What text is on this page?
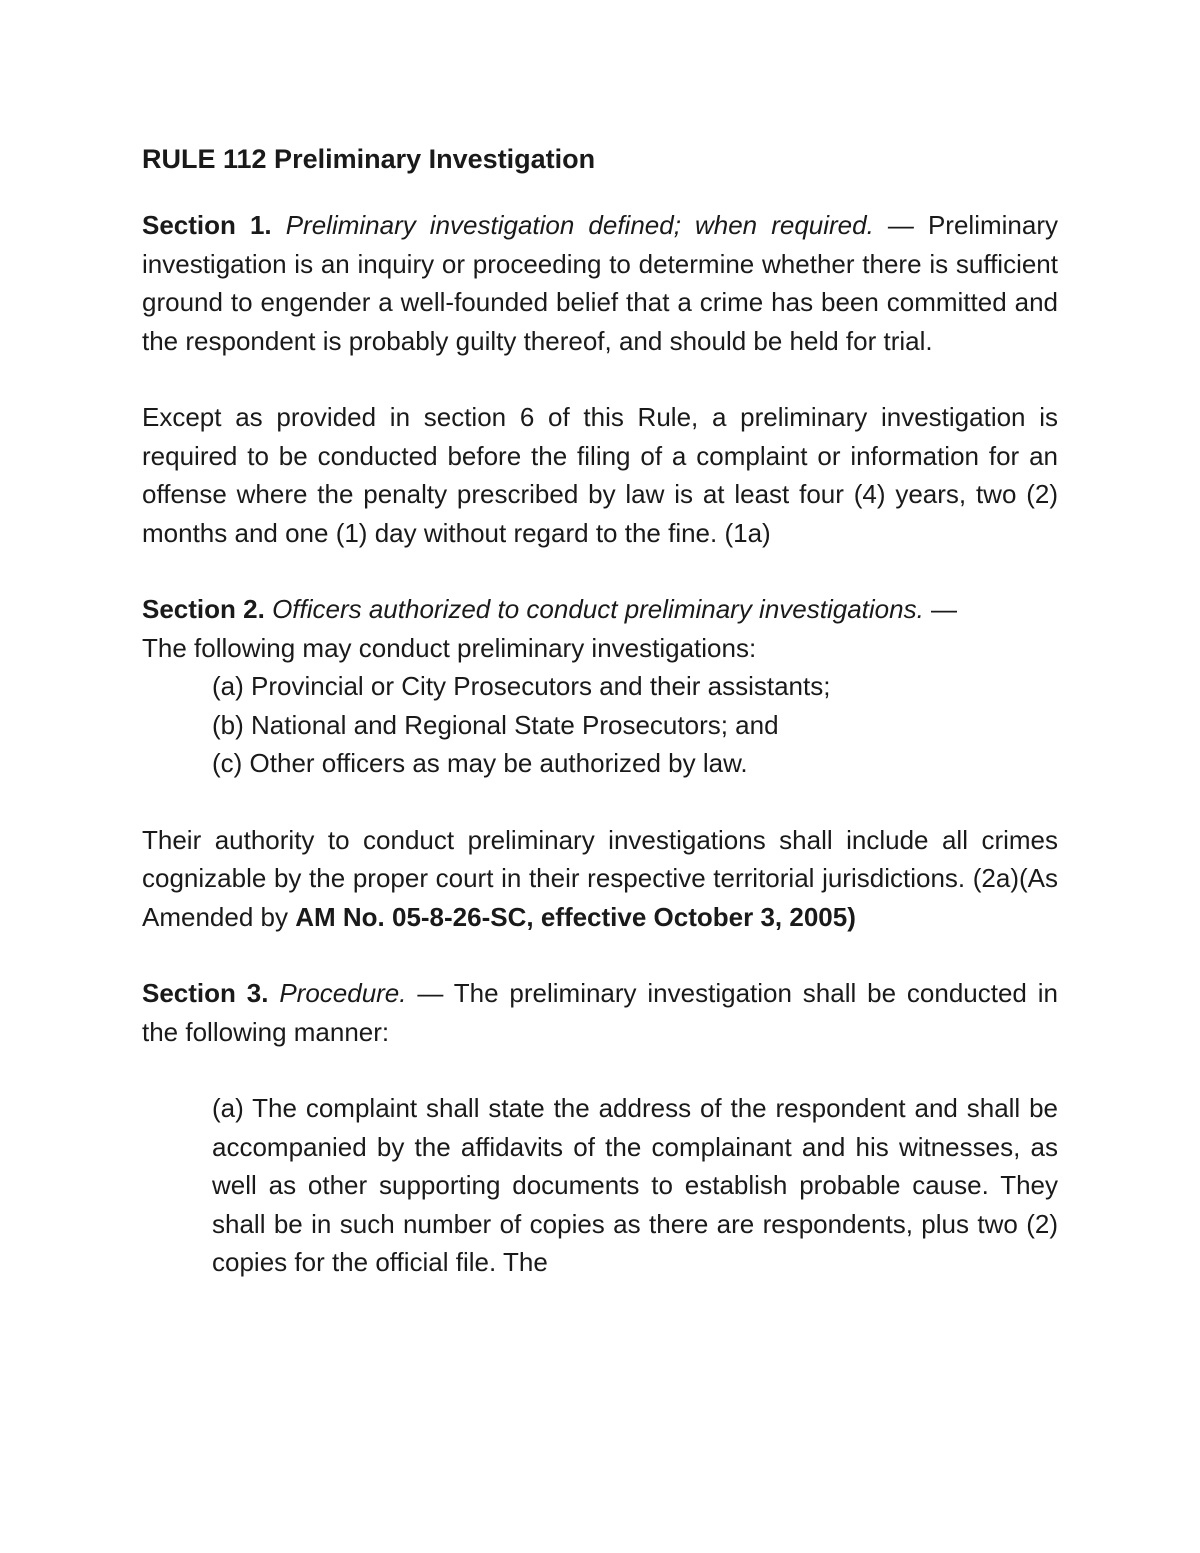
RULE 112 Preliminary Investigation

Section 1. Preliminary investigation defined; when required. — Preliminary investigation is an inquiry or proceeding to determine whether there is sufficient ground to engender a well-founded belief that a crime has been committed and the respondent is probably guilty thereof, and should be held for trial.

Except as provided in section 6 of this Rule, a preliminary investigation is required to be conducted before the filing of a complaint or information for an offense where the penalty prescribed by law is at least four (4) years, two (2) months and one (1) day without regard to the fine. (1a)

Section 2. Officers authorized to conduct preliminary investigations. —
The following may conduct preliminary investigations:

(a) Provincial or City Prosecutors and their assistants;

(b) National and Regional State Prosecutors; and

(c) Other officers as may be authorized by law.

Their authority to conduct preliminary investigations shall include all crimes cognizable by the proper court in their respective territorial jurisdictions. (2a)(As Amended by AM No. 05-8-26-SC, effective October 3, 2005)

Section 3. Procedure. — The preliminary investigation shall be conducted in the following manner:

(a) The complaint shall state the address of the respondent and shall be accompanied by the affidavits of the complainant and his witnesses, as well as other supporting documents to establish probable cause. They shall be in such number of copies as there are respondents, plus two (2) copies for the official file. The
